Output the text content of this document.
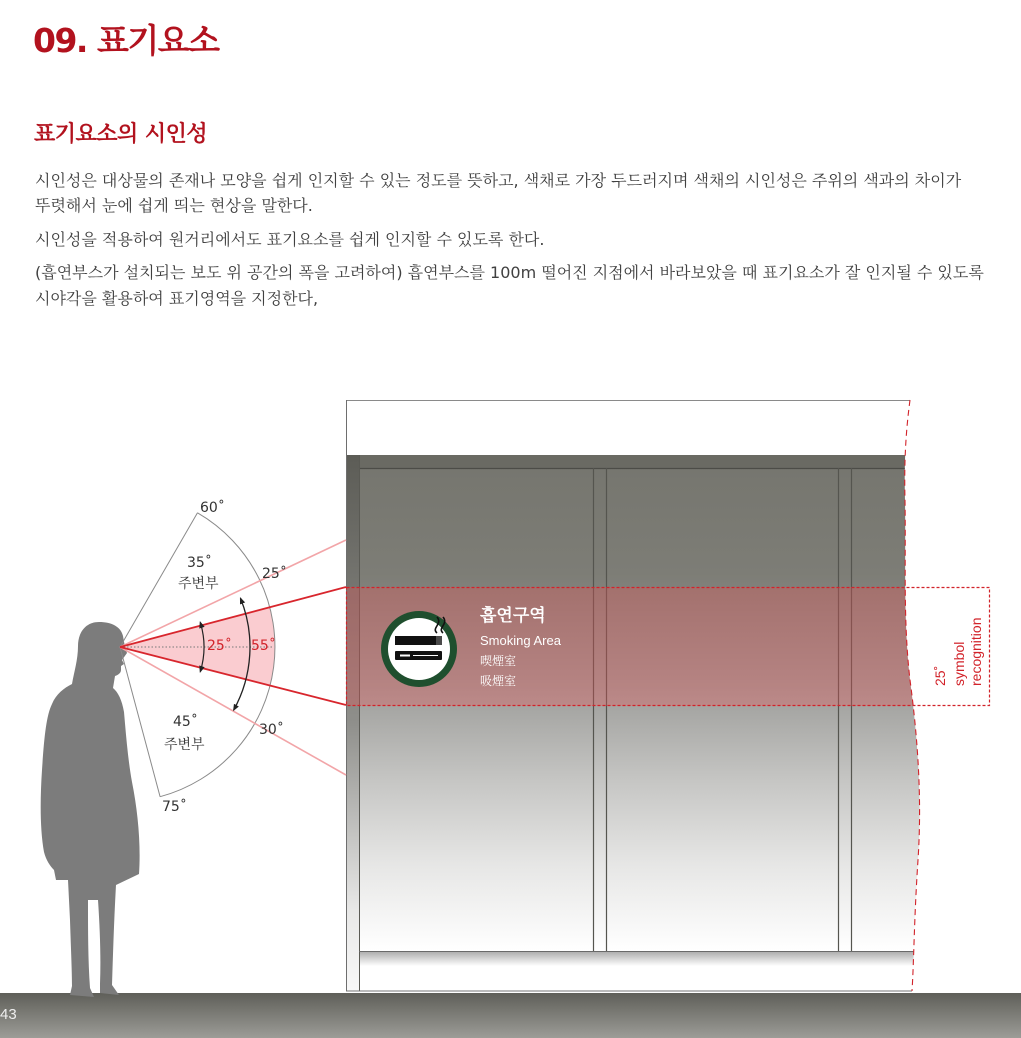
흡연구역
Smoking Area
喫煙室
吸煙室	25˚ symbol recognition
60˚
35˚
주변부
25˚
25˚ 55˚
45˚
주변부
30˚
75˚
09. 표기요소
표기요소의 시인성
시인성은 대상물의 존재나 모양을 쉽게 인지할 수 있는 정도를 뜻하고, 색채로 가장 두드러지며 색채의 시인성은 주위의 색과의 차이가
뚜렷해서 눈에 쉽게 띄는 현상을 말한다.
시인성을 적용하여 원거리에서도 표기요소를 쉽게 인지할 수 있도록 한다.
(흡연부스가 설치되는 보도 위 공간의 폭을 고려하여) 흡연부스를 100m 떨어진 지점에서 바라보았을 때 표기요소가 잘 인지될 수 있도록
시야각을 활용하여 표기영역을 지정한다,
43
